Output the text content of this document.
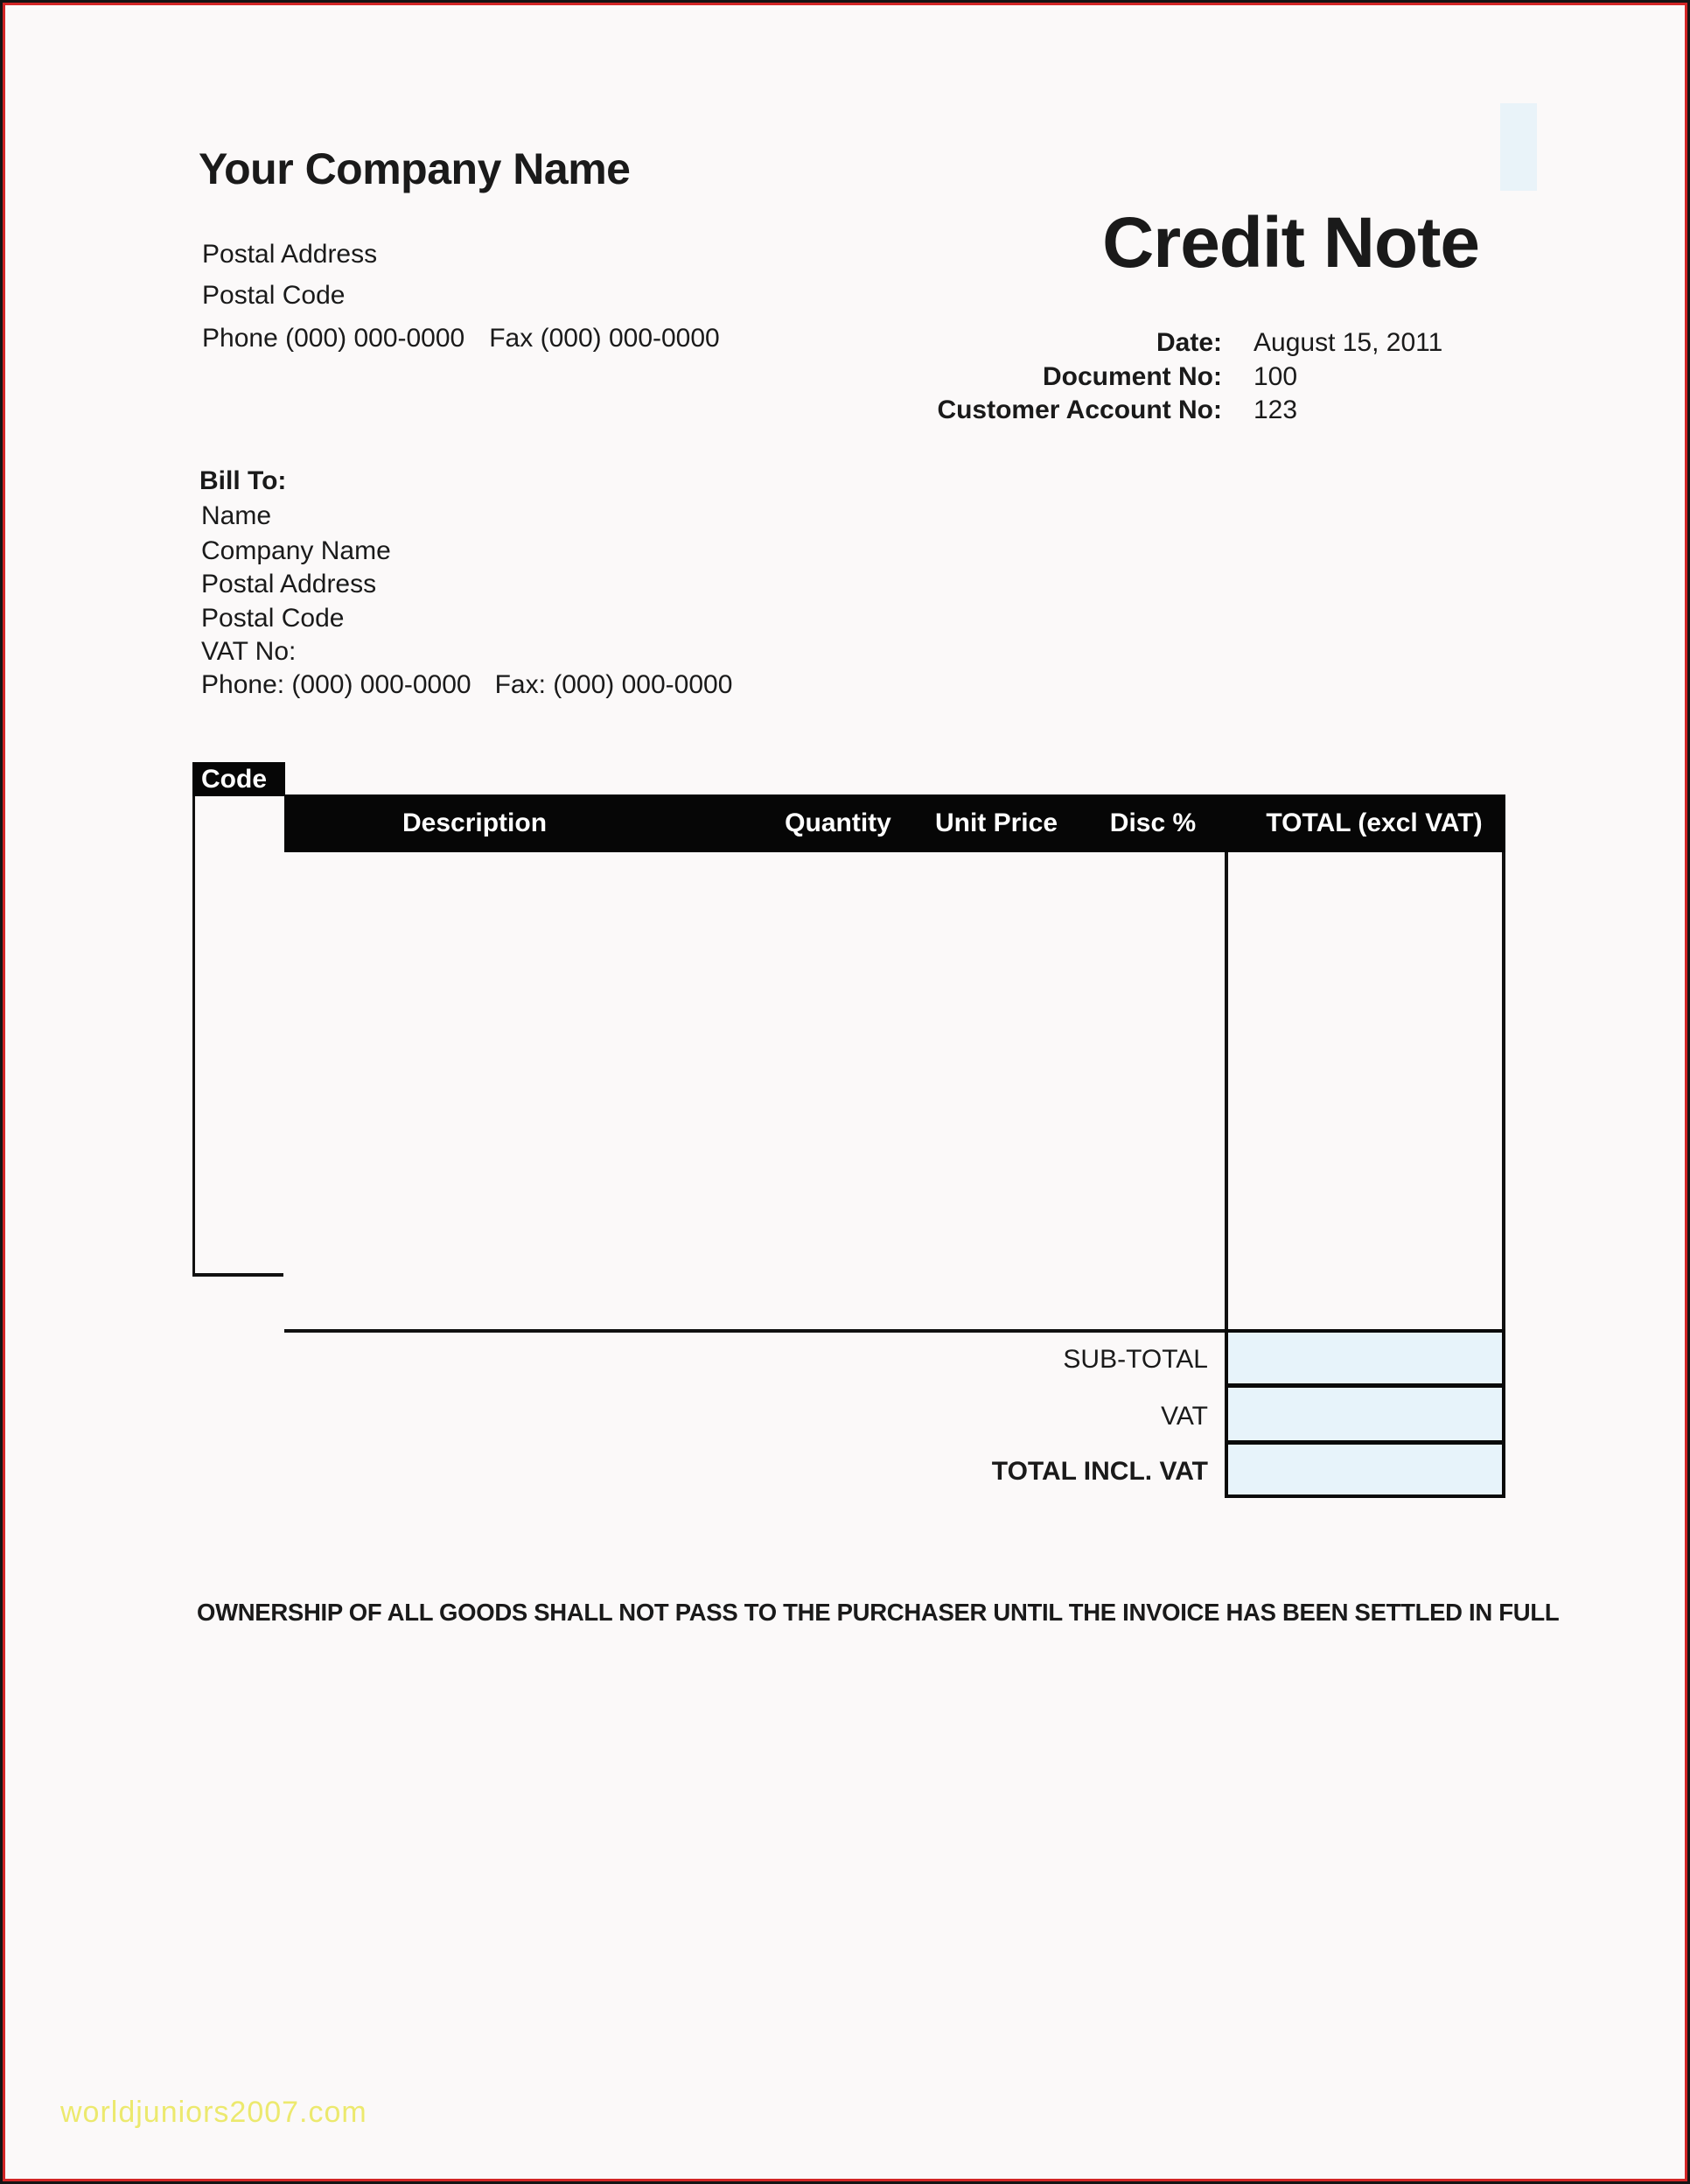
Your Company Name
Postal Address
Postal Code
Phone (000) 000-0000 Fax (000) 000-0000
Credit Note
Date: August 15, 2011
Document No: 100
Customer Account No: 123
Bill To:
Name
Company Name
Postal Address
Postal Code
VAT No:
Phone: (000) 000-0000 Fax: (000) 000-0000
Code
Description	Quantity Unit Price Disc %	TOTAL (excl VAT)
SUB-TOTAL
VAT
TOTAL INCL. VAT
OWNERSHIP OF ALL GOODS SHALL NOT PASS TO THE PURCHASER UNTIL THE INVOICE HAS BEEN SETTLED IN FULL
worldjuniors2007.com
